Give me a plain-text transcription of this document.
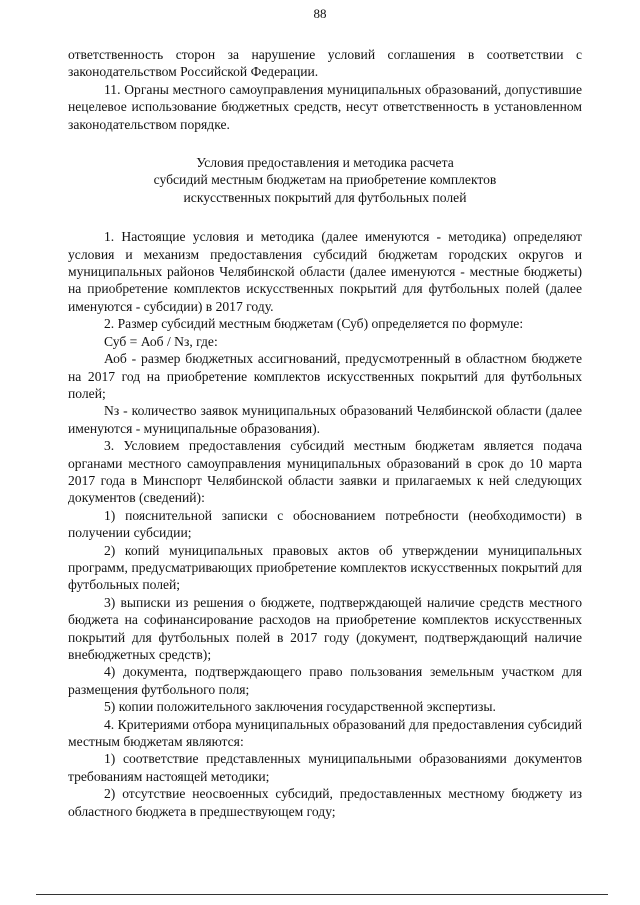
88

ответственность сторон за нарушение условий соглашения в соответствии с законодательством Российской Федерации.

11. Органы местного самоуправления муниципальных образований, допустившие нецелевое использование бюджетных средств, несут ответственность в установленном законодательством порядке.

Условия предоставления и методика расчета
субсидий местным бюджетам на приобретение комплектов
искусственных покрытий для футбольных полей

1. Настоящие условия и методика (далее именуются - методика) определяют условия и механизм предоставления субсидий бюджетам городских округов и муниципальных районов Челябинской области (далее именуются - местные бюджеты) на приобретение комплектов искусственных покрытий для футбольных полей (далее именуются - субсидии) в 2017 году.

2. Размер субсидий местным бюджетам (Суб) определяется по формуле:

Суб = Аоб / Nз, где:

Аоб - размер бюджетных ассигнований, предусмотренный в областном бюджете на 2017 год на приобретение комплектов искусственных покрытий для футбольных полей;

Nз - количество заявок муниципальных образований Челябинской области (далее именуются - муниципальные образования).

3. Условием предоставления субсидий местным бюджетам является подача органами местного самоуправления муниципальных образований в срок до 10 марта 2017 года в Минспорт Челябинской области заявки и прилагаемых к ней следующих документов (сведений):

1) пояснительной записки с обоснованием потребности (необходимости) в получении субсидии;

2) копий муниципальных правовых актов об утверждении муниципальных программ, предусматривающих приобретение комплектов искусственных покрытий для футбольных полей;

3) выписки из решения о бюджете, подтверждающей наличие средств местного бюджета на софинансирование расходов на приобретение комплектов искусственных покрытий для футбольных полей в 2017 году (документ, подтверждающий наличие внебюджетных средств);

4) документа, подтверждающего право пользования земельным участком для размещения футбольного поля;

5) копии положительного заключения государственной экспертизы.

4. Критериями отбора муниципальных образований для предоставления субсидий местным бюджетам являются:

1) соответствие представленных муниципальными образованиями документов требованиям настоящей методики;

2) отсутствие неосвоенных субсидий, предоставленных местному бюджету из областного бюджета в предшествующем году;
